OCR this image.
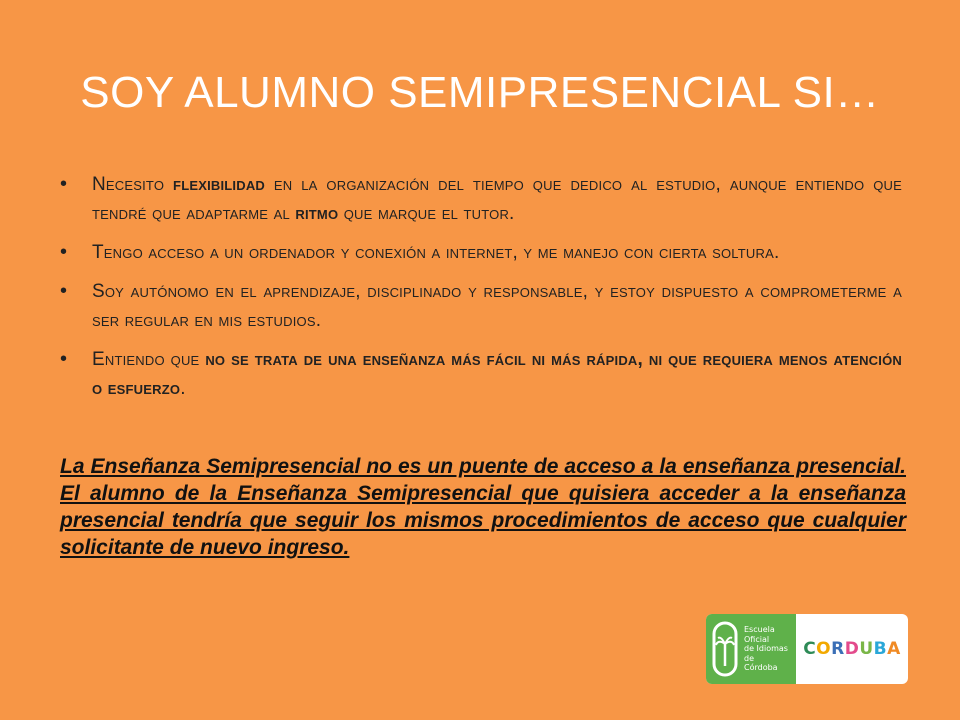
SOY ALUMNO SEMIPRESENCIAL SI…
• Necesito flexibilidad en la organización del tiempo que dedico al estudio, aunque entiendo que tendré que adaptarme al ritmo que marque el tutor.
• Tengo acceso a un ordenador y conexión a internet, y me manejo con cierta soltura.
• Soy autónomo en el aprendizaje, disciplinado y responsable, y estoy dispuesto a comprometerme a ser regular en mis estudios.
• Entiendo que no se trata de una enseñanza más fácil ni más rápida, ni que requiera menos atención o esfuerzo.
La Enseñanza Semipresencial no es un puente de acceso a la enseñanza presencial. El alumno de la Enseñanza Semipresencial que quisiera acceder a la enseñanza presencial tendría que seguir los mismos procedimientos de acceso que cualquier solicitante de nuevo ingreso.
Escuela
Oficial
de Idiomas
de
Córdoba
C O R D U B A
